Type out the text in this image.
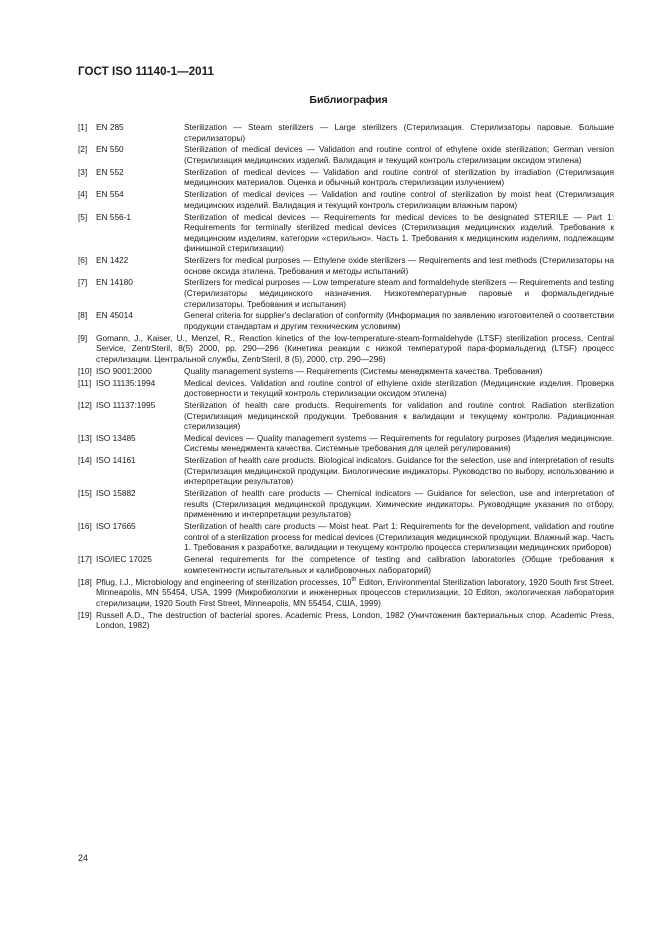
ГОСТ ISO 11140-1—2011
Библиография
[1]	EN 285	Sterilization — Steam sterilizers — Large sterilizers (Стерилизация. Стерилизаторы паровые. Большие стерилизаторы)
[2]	EN 550	Sterilization of medical devices — Validation and routine control of ethylene oxide sterilization; German version (Стерилизация медицинских изделий. Валидация и текущий контроль стерилизации оксидом этилена)
[3]	EN 552	Sterilization of medical devices — Validation and routine control of sterilization by irradiation (Стерилизация медицинских материалов. Оценка и обычный контроль стерилизации излучением)
[4]	EN 554	Sterilization of medical devices — Validation and routine control of sterilization by moist heat (Стерилизация медицинских изделий. Валидация и текущий контроль стерилизации влажным паром)
[5]	EN 556-1	Sterilization of medical devices — Requirements for medical devices to be designated STERILE — Part 1: Requirements for terminally sterilized medical devices (Стерилизация медицинских изделий. Требования к медицинским изделиям, категории «стерильно». Часть 1. Требования к медицинским изделиям, подлежащим финишной стерилизации)
[6]	EN 1422	Sterilizers for medical purposes — Ethylene oxide sterilizers — Requirements and test methods (Стерилизаторы на основе оксида этилена. Требования и методы испытаний)
[7]	EN 14180	Sterilizers for medical purposes — Low temperature steam and formaldehyde sterilizers — Requirements and testing (Стерилизаторы медицинского назначения. Низкотемпературные паровые и формальдегидные стерилизаторы. Требования и испытания)
[8]	EN 45014	General criteria for supplier's declaration of conformity (Информация по заявлению изготовителей о соответствии продукции стандартам и другим техническим условиям)
[9]	Gomann, J., Kaiser, U., Menzel, R., Reaction kinetics of the low-temperature-steam-formaldehyde (LTSF) sterilization process, Central Service, ZentrSteril, 8(5) 2000, pp. 290—296 (Кинетика реакции с низкой температурой пара-формальдегид (LTSF) процесс стерилизации. Центральной службы, ZentrSteril, 8 (5), 2000, стр. 290—296)
[10] ISO 9001:2000	Quality management systems — Requirements (Системы менеджмента качества. Требования)
[11] ISO 11135:1994	Medical devices. Validation and routine control of ethylene oxide sterilization (Медицинские изделия. Проверка достоверности и текущий контроль стерилизации оксидом этилена)
[12] ISO 11137:1995	Sterilization of health care products. Requirements for validation and routine control. Radiation sterilization (Стерилизация медицинской продукции. Требования к валидации и текущему контролю. Радиационная стерилизация)
[13] ISO 13485	Medical devices — Quality management systems — Requirements for regulatory purposes (Изделия медицинские. Системы менеджмента качества. Системные требования для целей регулирования)
[14] ISO 14161	Sterilization of health care products. Biological indicators. Guidance for the selection, use and interpretation of results (Стерилизация медицинской продукции. Биологические индикаторы. Руководство по выбору, использованию и интерпретации результатов)
[15] ISO 15882	Sterilization of health care products — Chemical indicators — Guidance for selection, use and interpretation of results (Стерилизация медицинской продукции. Химические индикаторы. Руководящие указания по отбору, применению и интерпретации результатов)
[16] ISO 17665	Sterilization of health care products — Moist heat. Part 1: Requirements for the development, validation and routine control of a sterilization process for medical devices (Стерилизация медицинской продукции. Влажный жар. Часть 1. Требования к разработке, валидации и текущему контролю процесса стерилизации медицинских приборов)
[17] ISO/IEC 17025	General requirements for the competence of testing and calibration laboratories (Общие требования к компетентности испытательных и калибровочных лабораторий)
[18] Pflug, I.J., Microbiology and engineering of sterilization processes, 10th Editon, Environmental Sterilization laboratory, 1920 South first Street, Minneapolis, MN 55454, USA, 1999 (Микробиологии и инженерных процессов стерилизации, 10 Editon, экологическая лаборатория стерилизации, 1920 South First Street, Minneapolis, MN 55454, США, 1999)
[19] Russell A.D., The destruction of bacterial spores. Academic Press, London, 1982 (Уничтожения бактериальных спор. Academic Press, London, 1982)
24
